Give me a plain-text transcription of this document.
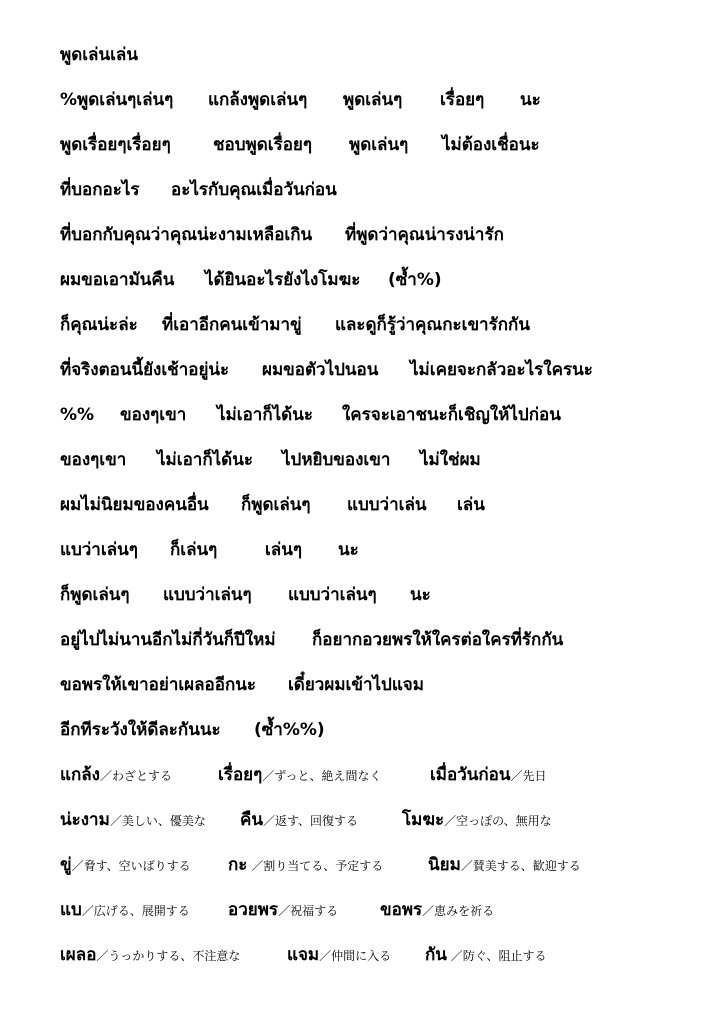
พูดเล่นเล่น
%พูดเล่นๆเล่นๆ แกล้งพูดเล่นๆ พูดเล่นๆ เรื่อยๆ นะ
พูดเรื่อยๆเรื่อยๆ ชอบพูดเรื่อยๆ พูดเล่นๆ ไม่ต้องเชื่อนะ
ที่บอกอะไร อะไรกับคุณเมื่อวันก่อน
ที่บอกกับคุณว่าคุณน่ะงามเหลือเกิน ที่พูดว่าคุณน่ารงน่ารัก
ผมขอเอามันคืน ได้ยินอะไรยังไงโมฆะ (ซ้ำ%)
ก็คุณน่ะล่ะ ที่เอาอีกคนเข้ามาขู่ และดูก็รู้ว่าคุณกะเขารักกัน
ที่จริงตอนนี้ยังเช้าอยู่น่ะ ผมขอตัวไปนอน ไม่เคยจะกลัวอะไรใครนะ
%% ของๆเขา ไม่เอาก็ได้นะ ใครจะเอาชนะก็เชิญให้ไปก่อน
ของๆเขา ไม่เอาก็ได้นะ ไปหยิบของเขา ไม่ใช่ผม
ผมไม่นิยมของคนอื่น ก็พูดเล่นๆ แบบว่าเล่น เล่น
แบว่าเล่นๆ ก็เล่นๆ	เล่นๆ นะ
ก็พูดเล่นๆ แบบว่าเล่นๆ แบบว่าเล่นๆ นะ
อยู่ไปไม่นานอีกไม่กี่วันก็ปีใหม่ ก็อยากอวยพรให้ใครต่อใครที่รักกัน
ขอพรให้เขาอย่าเผลออีกนะ เดี๋ยวผมเข้าไปแจม
อีกทีระวังให้ดีละกันนะ (ซ้ำ%%)
แกล้ง／わざとする	เรื่อยๆ／ずっと、絶え間なく	เมื่อวันก่อน／先日
น่ะงาม／美しい、優美な คืน／返す、回復する	โมฆะ／空っぽの、無用な
ขู่／脅す、空いばりする กะ ／割り当てる、予定する	นิยม／賛美する、歓迎する
แบ／広げる、展開する อวยพร／祝福する ขอพร／恵みを祈る
เผลอ／うっかりする、不注意な	แจม／仲間に入る กัน ／防ぐ、阻止する
